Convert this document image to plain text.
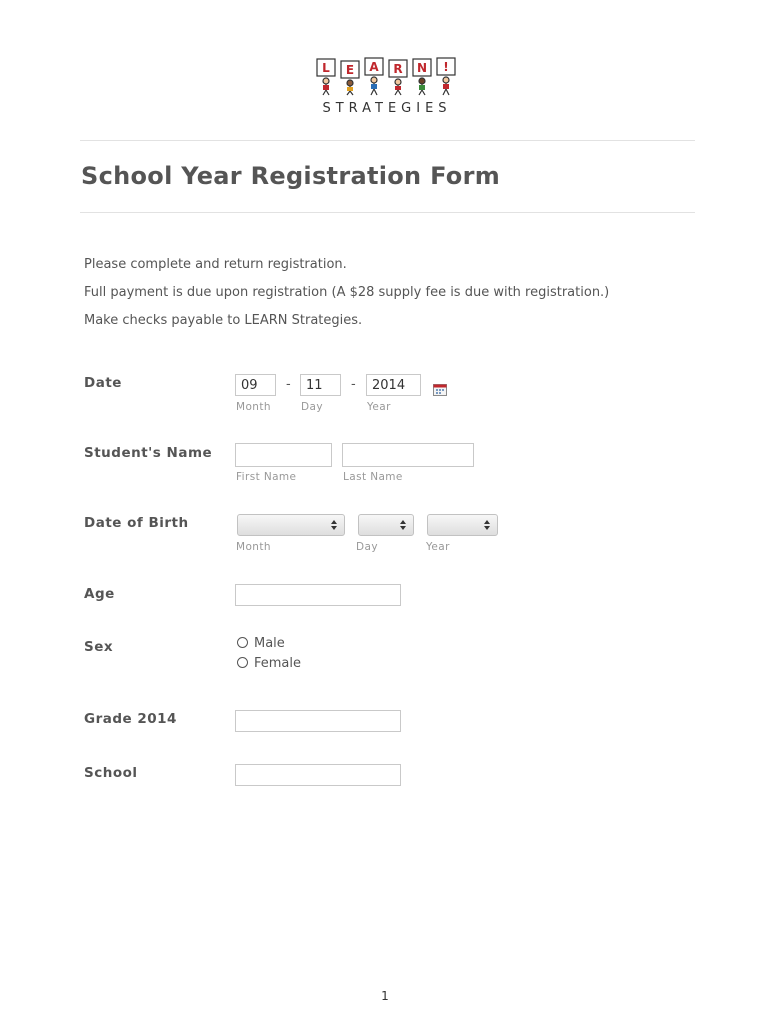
L E A R N !
STRATEGIES
School Year Registration Form
Please complete and return registration.
Full payment is due upon registration (A $28 supply fee is due with registration.)
Make checks payable to LEARN Strategies.
Date	09	-	11	-	2014
Month	Day	Year
Student's Name
First Name	Last Name
Date of Birth
Month	Day	Year
Age
Sex	Male
Female
Grade 2014
School
1
